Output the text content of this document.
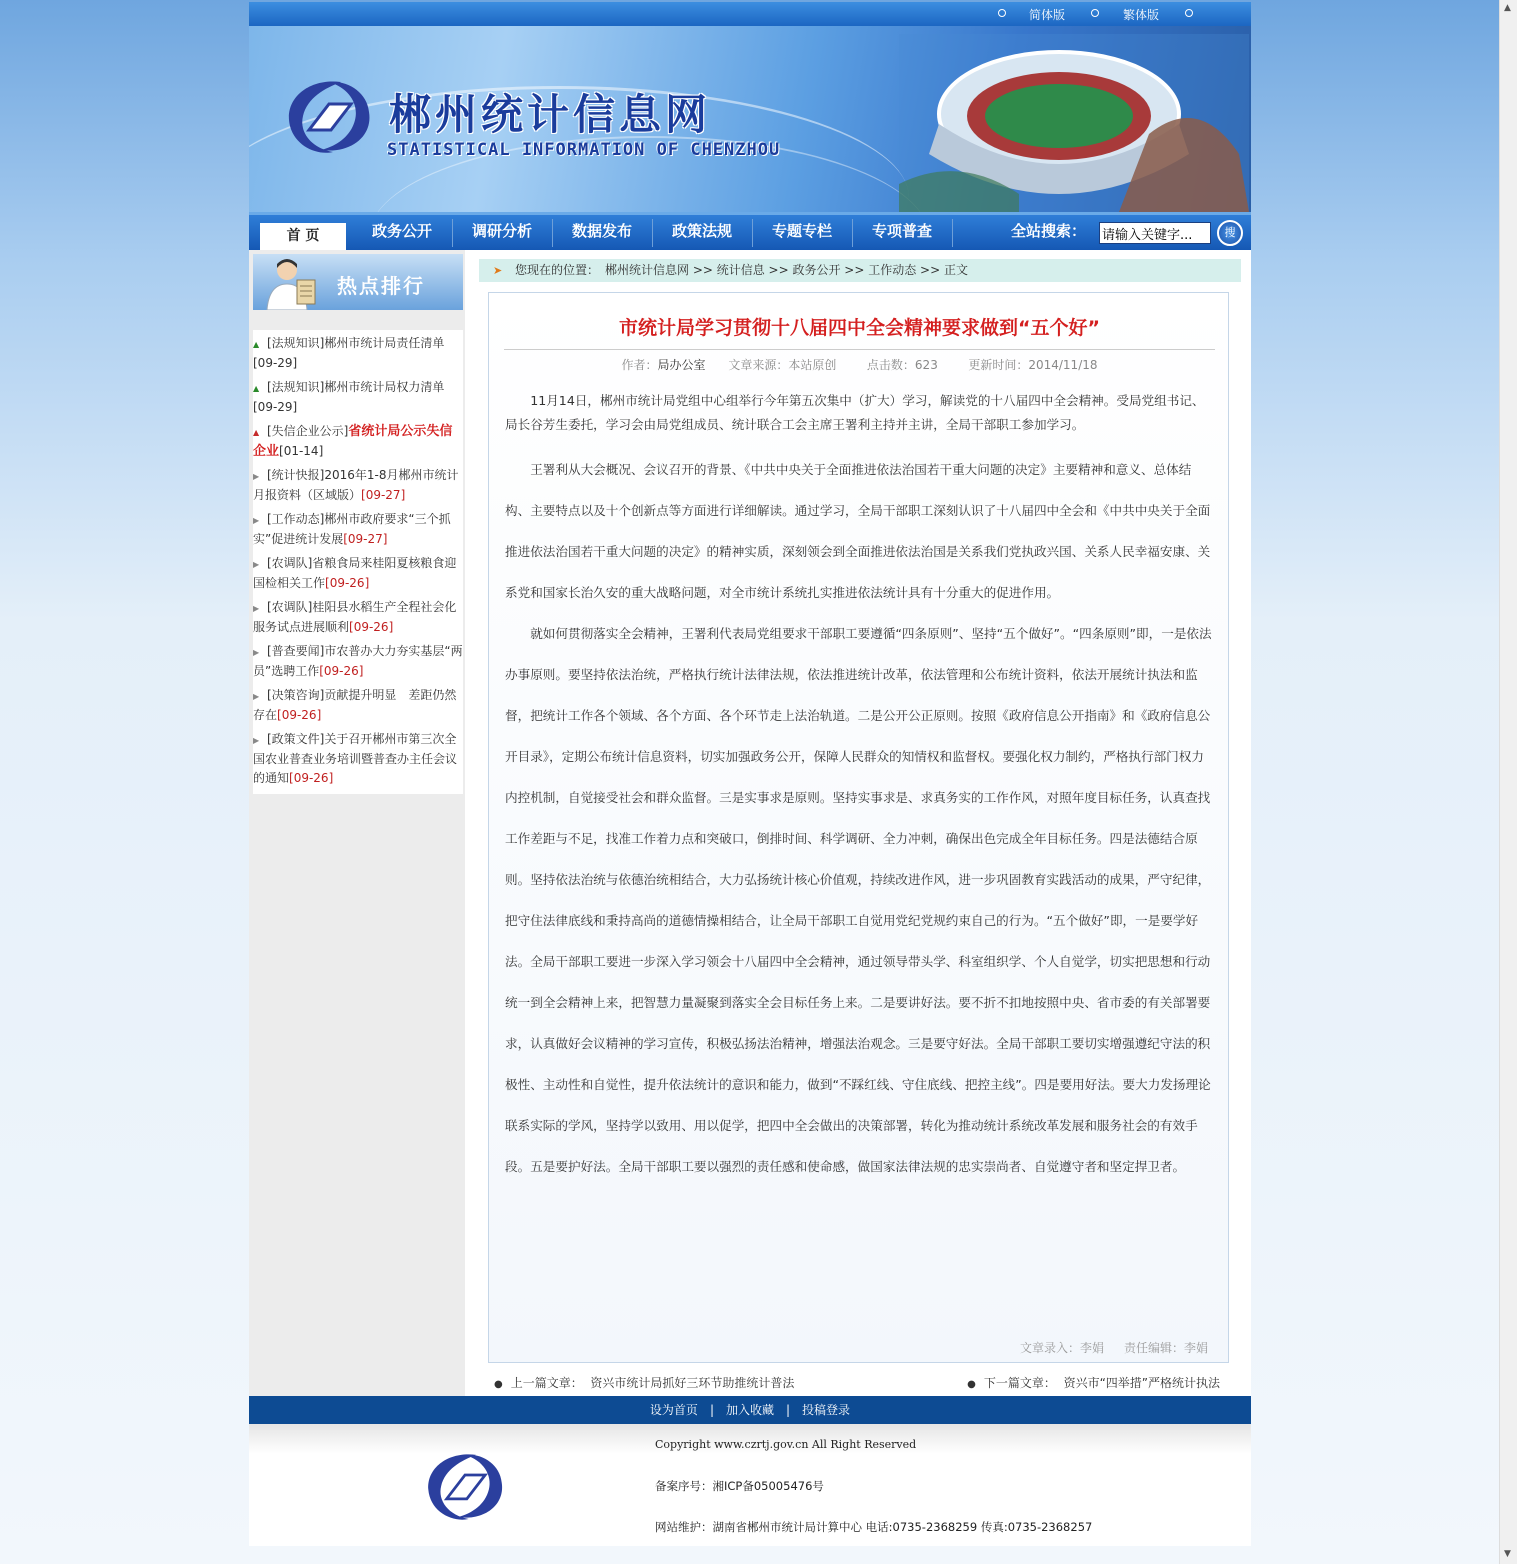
简体版	繁体版
郴州统计信息网
STATISTICAL INFORMATION OF CHENZHOU
首 页	政务公开	调研分析	数据发布	政策法规	专题专栏	专项普查	全站搜索：
请输入关键字...	搜
热点排行
▲ [法规知识]郴州市统计局责任清单
[09-29]
▲ [法规知识]郴州市统计局权力清单
[09-29]
▲ [失信企业公示]省统计局公示失信企业[01-14]
▶ [统计快报]2016年1-8月郴州市统计月报资料（区域版）[09-27]
▶ [工作动态]郴州市政府要求“三个抓实”促进统计发展[09-27]
▶ [农调队]省粮食局来桂阳夏核粮食迎国检相关工作[09-26]
▶ [农调队]桂阳县水稻生产全程社会化服务试点进展顺利[09-26]
▶ [普查要闻]市农普办大力夯实基层“两员”选聘工作[09-26]
▶ [决策咨询]贡献提升明显　差距仍然存在[09-26]
▶ [政策文件]关于召开郴州市第三次全国农业普查业务培训暨普查办主任会议的通知[09-26]
➤ 您现在的位置： 郴州统计信息网 >> 统计信息 >> 政务公开 >> 工作动态 >> 正文
市统计局学习贯彻十八届四中全会精神要求做到“五个好”
作者：局办公室 文章来源：本站原创	点击数：623	更新时间：2014/11/18

11月14日，郴州市统计局党组中心组举行今年第五次集中（扩大）学习，解读党的十八届四中全会精神。受局党组书记、局长谷芳生委托，学习会由局党组成员、统计联合工会主席王署利主持并主讲，全局干部职工参加学习。

王署利从大会概况、会议召开的背景、《中共中央关于全面推进依法治国若干重大问题的决定》主要精神和意义、总体结构、主要特点以及十个创新点等方面进行详细解读。通过学习，全局干部职工深刻认识了十八届四中全会和《中共中央关于全面推进依法治国若干重大问题的决定》的精神实质，深刻领会到全面推进依法治国是关系我们党执政兴国、关系人民幸福安康、关系党和国家长治久安的重大战略问题，对全市统计系统扎实推进依法统计具有十分重大的促进作用。

就如何贯彻落实全会精神，王署利代表局党组要求干部职工要遵循“四条原则”、坚持“五个做好”。“四条原则”即，一是依法办事原则。要坚持依法治统，严格执行统计法律法规，依法推进统计改革，依法管理和公布统计资料，依法开展统计执法和监督，把统计工作各个领域、各个方面、各个环节走上法治轨道。二是公开公正原则。按照《政府信息公开指南》和《政府信息公开目录》，定期公布统计信息资料，切实加强政务公开，保障人民群众的知情权和监督权。要强化权力制约，严格执行部门权力内控机制，自觉接受社会和群众监督。三是实事求是原则。坚持实事求是、求真务实的工作作风，对照年度目标任务，认真查找工作差距与不足，找准工作着力点和突破口，倒排时间、科学调研、全力冲刺，确保出色完成全年目标任务。四是法德结合原则。坚持依法治统与依德治统相结合，大力弘扬统计核心价值观，持续改进作风，进一步巩固教育实践活动的成果，严守纪律，把守住法律底线和秉持高尚的道德情操相结合，让全局干部职工自觉用党纪党规约束自己的行为。“五个做好”即，一是要学好法。全局干部职工要进一步深入学习领会十八届四中全会精神，通过领导带头学、科室组织学、个人自觉学，切实把思想和行动统一到全会精神上来，把智慧力量凝聚到落实全会目标任务上来。二是要讲好法。要不折不扣地按照中央、省市委的有关部署要求，认真做好会议精神的学习宣传，积极弘扬法治精神，增强法治观念。三是要守好法。全局干部职工要切实增强遵纪守法的积极性、主动性和自觉性，提升依法统计的意识和能力，做到“不踩红线、守住底线、把控主线”。四是要用好法。要大力发扬理论联系实际的学风，坚持学以致用、用以促学，把四中全会做出的决策部署，转化为推动统计系统改革发展和服务社会的有效手段。五是要护好法。全局干部职工要以强烈的责任感和使命感，做国家法律法规的忠实崇尚者、自觉遵守者和坚定捍卫者。

文章录入：李娟 责任编辑：李娟
● 上一篇文章： 资兴市统计局抓好三环节助推统计普法	● 下一篇文章： 资兴市“四举措”严格统计执法
设为首页 | 加入收藏 | 投稿登录
Copyright www.czrtj.gov.cn All Right Reserved
备案序号：湘ICP备05005476号
网站维护：湖南省郴州市统计局计算中心 电话:0735-2368259 传真:0735-2368257
▲
▼
